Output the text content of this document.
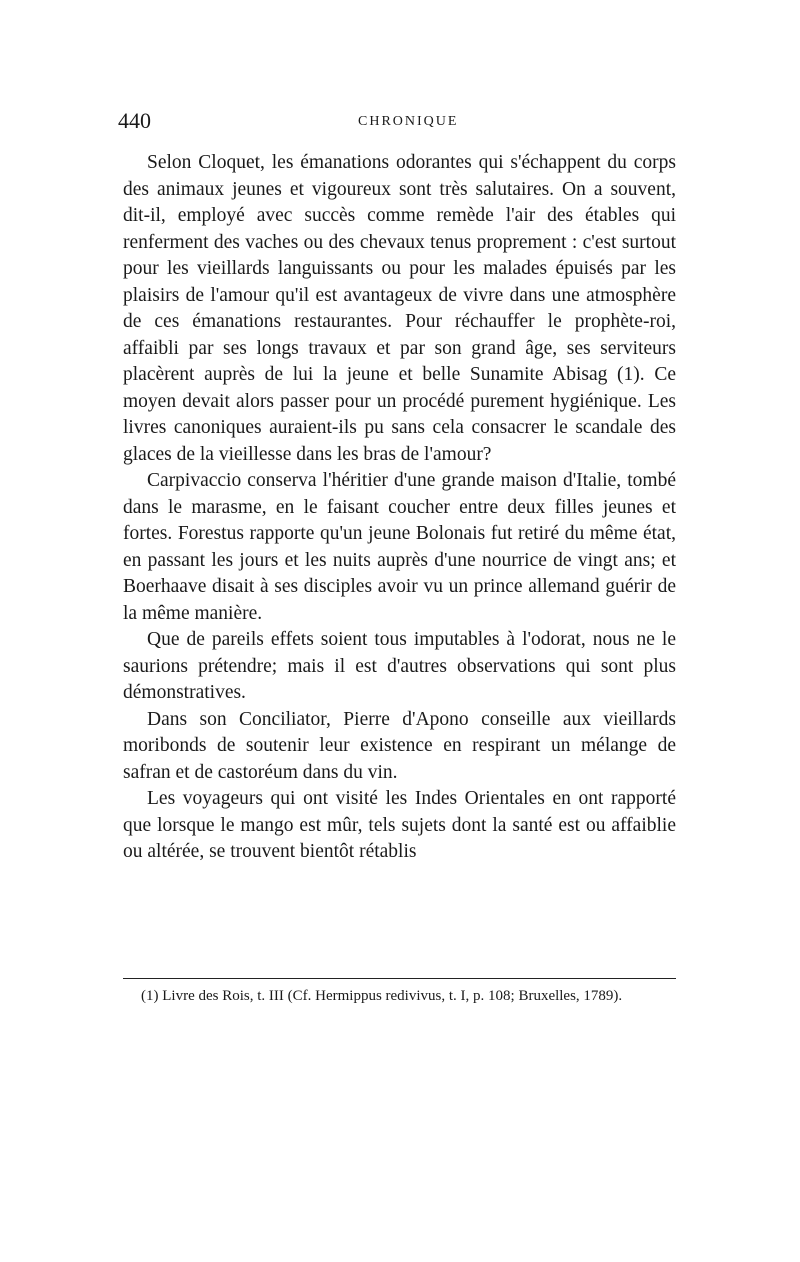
440	CHRONIQUE

Selon Cloquet, les émanations odorantes qui s'échappent du corps des animaux jeunes et vigoureux sont très salutaires. On a souvent, dit-il, employé avec succès comme remède l'air des étables qui renferment des vaches ou des chevaux tenus proprement : c'est surtout pour les vieillards languissants ou pour les malades épuisés par les plaisirs de l'amour qu'il est avantageux de vivre dans une atmosphère de ces émanations restaurantes. Pour réchauffer le prophète-roi, affaibli par ses longs travaux et par son grand âge, ses serviteurs placèrent auprès de lui la jeune et belle Sunamite Abisag (1). Ce moyen devait alors passer pour un procédé purement hygiénique. Les livres canoniques auraient-ils pu sans cela consacrer le scandale des glaces de la vieillesse dans les bras de l'amour?

Carpivaccio conserva l'héritier d'une grande maison d'Italie, tombé dans le marasme, en le faisant coucher entre deux filles jeunes et fortes. Forestus rapporte qu'un jeune Bolonais fut retiré du même état, en passant les jours et les nuits auprès d'une nourrice de vingt ans; et Boerhaave disait à ses disciples avoir vu un prince allemand guérir de la même manière.

Que de pareils effets soient tous imputables à l'odorat, nous ne le saurions prétendre; mais il est d'autres observations qui sont plus démonstratives.

Dans son Conciliator, Pierre d'Apono conseille aux vieillards moribonds de soutenir leur existence en respirant un mélange de safran et de castoréum dans du vin.

Les voyageurs qui ont visité les Indes Orientales en ont rapporté que lorsque le mango est mûr, tels sujets dont la santé est ou affaiblie ou altérée, se trouvent bientôt rétablis

(1) Livre des Rois, t. III (Cf. Hermippus redivivus, t. I, p. 108; Bruxelles, 1789).
